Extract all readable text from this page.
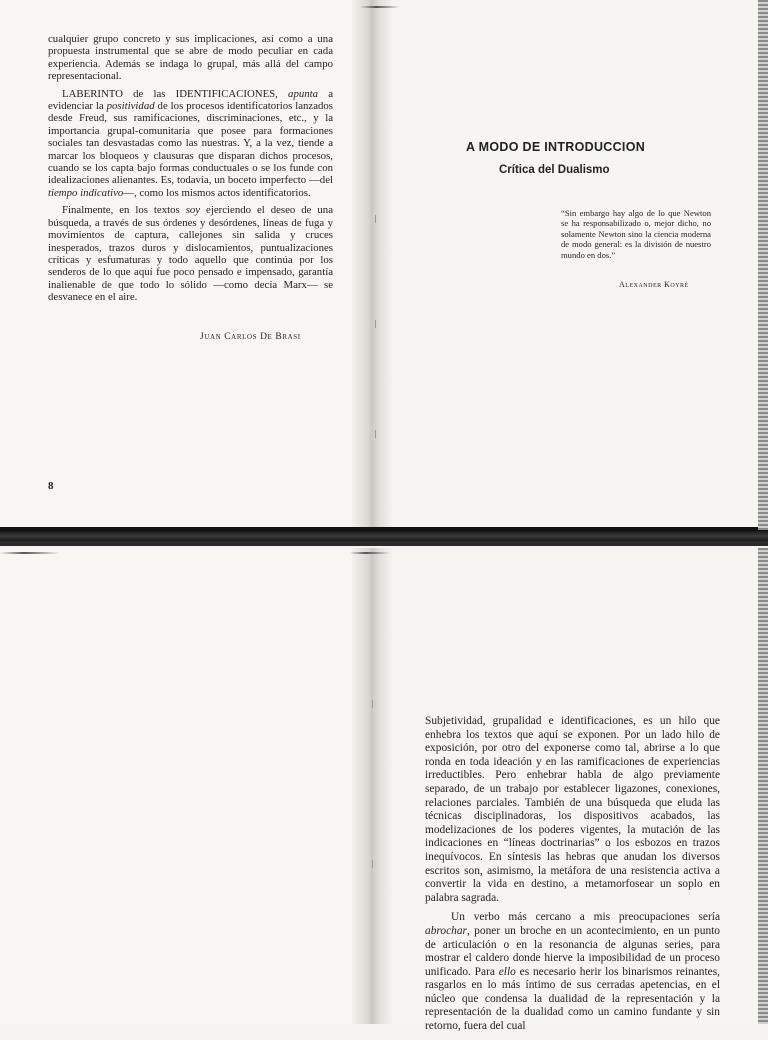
cualquier grupo concreto y sus implicaciones, así como a una propuesta instrumental que se abre de modo peculiar en cada experiencia. Además se indaga lo grupal, más allá del campo representacional.

LABERINTO de las IDENTIFICACIONES, apunta a evidenciar la positividad de los procesos identificatorios lanzados desde Freud, sus ramificaciones, discriminaciones, etc., y la importancia grupal-comunitaria que posee para formaciones sociales tan desvastadas como las nuestras. Y, a la vez, tiende a marcar los bloqueos y clausuras que disparan dichos procesos, cuando se los capta bajo formas conductuales o se los funde con idealizaciones alienantes. Es, todavía, un boceto imperfecto —del tiempo indicativo—, como los mismos actos identificatorios.

Finalmente, en los textos soy ejerciendo el deseo de una búsqueda, a través de sus órdenes y desórdenes, líneas de fuga y movimientos de captura, callejones sin salida y cruces inesperados, trazos duros y dislocamientos, puntualizaciones críticas y esfumaturas y todo aquello que continúa por los senderos de lo que aquí fue poco pensado e impensado, garantía inalienable de que todo lo sólido —como decía Marx— se desvanece en el aire.

Juan Carlos De Brasi
8
A MODO DE INTRODUCCION
Crítica del Dualismo
“Sin embargo hay algo de lo que Newton se ha responsabilizado o, mejor dicho, no solamente Newton sino la ciencia moderna de modo general: es la división de nuestro mundo en dos.”
Alexander Koyré

Subjetividad, grupalidad e identificaciones, es un hilo que enhebra los textos que aquí se exponen. Por un lado hilo de exposición, por otro del exponerse como tal, abrirse a lo que ronda en toda ideación y en las ramificaciones de experiencias irreductibles. Pero enhebrar habla de algo previamente separado, de un trabajo por establecer ligazones, conexiones, relaciones parciales. También de una búsqueda que eluda las técnicas disciplinadoras, los dispositivos acabados, las modelizaciones de los poderes vigentes, la mutación de las indicaciones en “líneas doctrinarias” o los esbozos en trazos inequívocos. En síntesis las hebras que anudan los diversos escritos son, asimismo, la metáfora de una resistencia activa a convertir la vida en destino, a metamorfosear un soplo en palabra sagrada.

Un verbo más cercano a mis preocupaciones sería abrochar, poner un broche en un acontecimiento, en un punto de articulación o en la resonancia de algunas series, para mostrar el caldero donde hierve la imposibilidad de un proceso unificado. Para ello es necesario herir los binarismos reinantes, rasgarlos en lo más íntimo de sus cerradas apetencias, en el núcleo que condensa la dualidad de la representación y la representación de la dualidad como un camino fundante y sin retorno, fuera del cual
